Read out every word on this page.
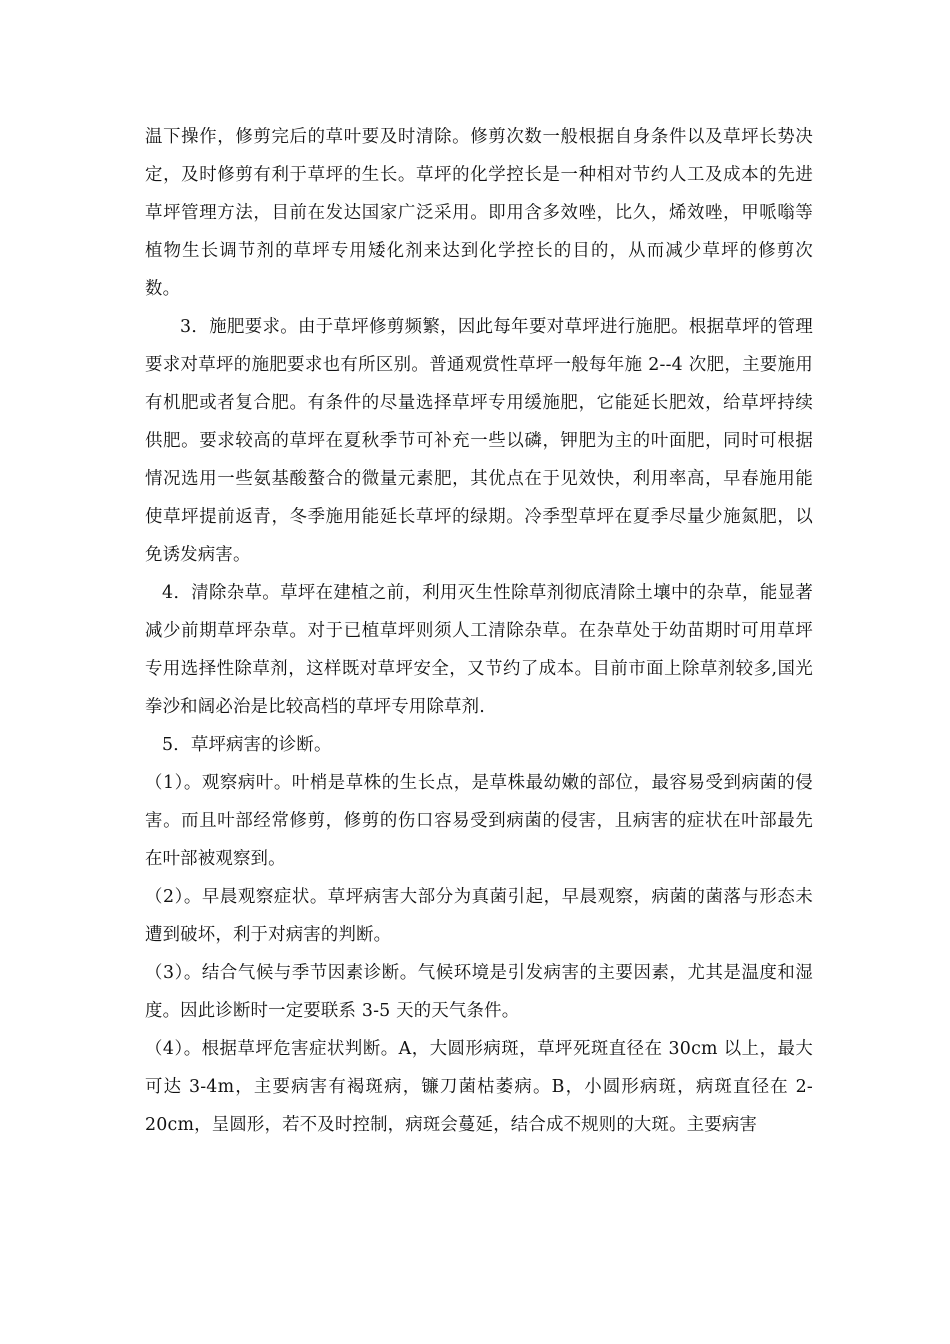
温下操作，修剪完后的草叶要及时清除。修剪次数一般根据自身条件以及草坪长势决定，及时修剪有利于草坪的生长。草坪的化学控长是一种相对节约人工及成本的先进草坪管理方法，目前在发达国家广泛采用。即用含多效唑，比久，烯效唑，甲哌嗡等植物生长调节剂的草坪专用矮化剂来达到化学控长的目的，从而减少草坪的修剪次数。

3．施肥要求。由于草坪修剪频繁，因此每年要对草坪进行施肥。根据草坪的管理要求对草坪的施肥要求也有所区别。普通观赏性草坪一般每年施 2--4 次肥，主要施用有机肥或者复合肥。有条件的尽量选择草坪专用缓施肥，它能延长肥效，给草坪持续供肥。要求较高的草坪在夏秋季节可补充一些以磷，钾肥为主的叶面肥，同时可根据情况选用一些氨基酸螯合的微量元素肥，其优点在于见效快，利用率高，早春施用能使草坪提前返青，冬季施用能延长草坪的绿期。冷季型草坪在夏季尽量少施氮肥，以免诱发病害。

4．清除杂草。草坪在建植之前，利用灭生性除草剂彻底清除土壤中的杂草，能显著减少前期草坪杂草。对于已植草坪则须人工清除杂草。在杂草处于幼苗期时可用草坪专用选择性除草剂，这样既对草坪安全，又节约了成本。目前市面上除草剂较多,国光拳沙和阔必治是比较高档的草坪专用除草剂.

5．草坪病害的诊断。

（1）。观察病叶。叶梢是草株的生长点，是草株最幼嫩的部位，最容易受到病菌的侵害。而且叶部经常修剪，修剪的伤口容易受到病菌的侵害，且病害的症状在叶部最先在叶部被观察到。

（2）。早晨观察症状。草坪病害大部分为真菌引起，早晨观察，病菌的菌落与形态未遭到破坏，利于对病害的判断。

（3）。结合气候与季节因素诊断。气候环境是引发病害的主要因素，尤其是温度和湿度。因此诊断时一定要联系 3-5 天的天气条件。

（4）。根据草坪危害症状判断。A，大圆形病斑，草坪死斑直径在 30cm 以上，最大可达 3-4m，主要病害有褐斑病，镰刀菌枯萎病。B，小圆形病斑，病斑直径在 2-20cm，呈圆形，若不及时控制，病斑会蔓延，结合成不规则的大斑。主要病害
